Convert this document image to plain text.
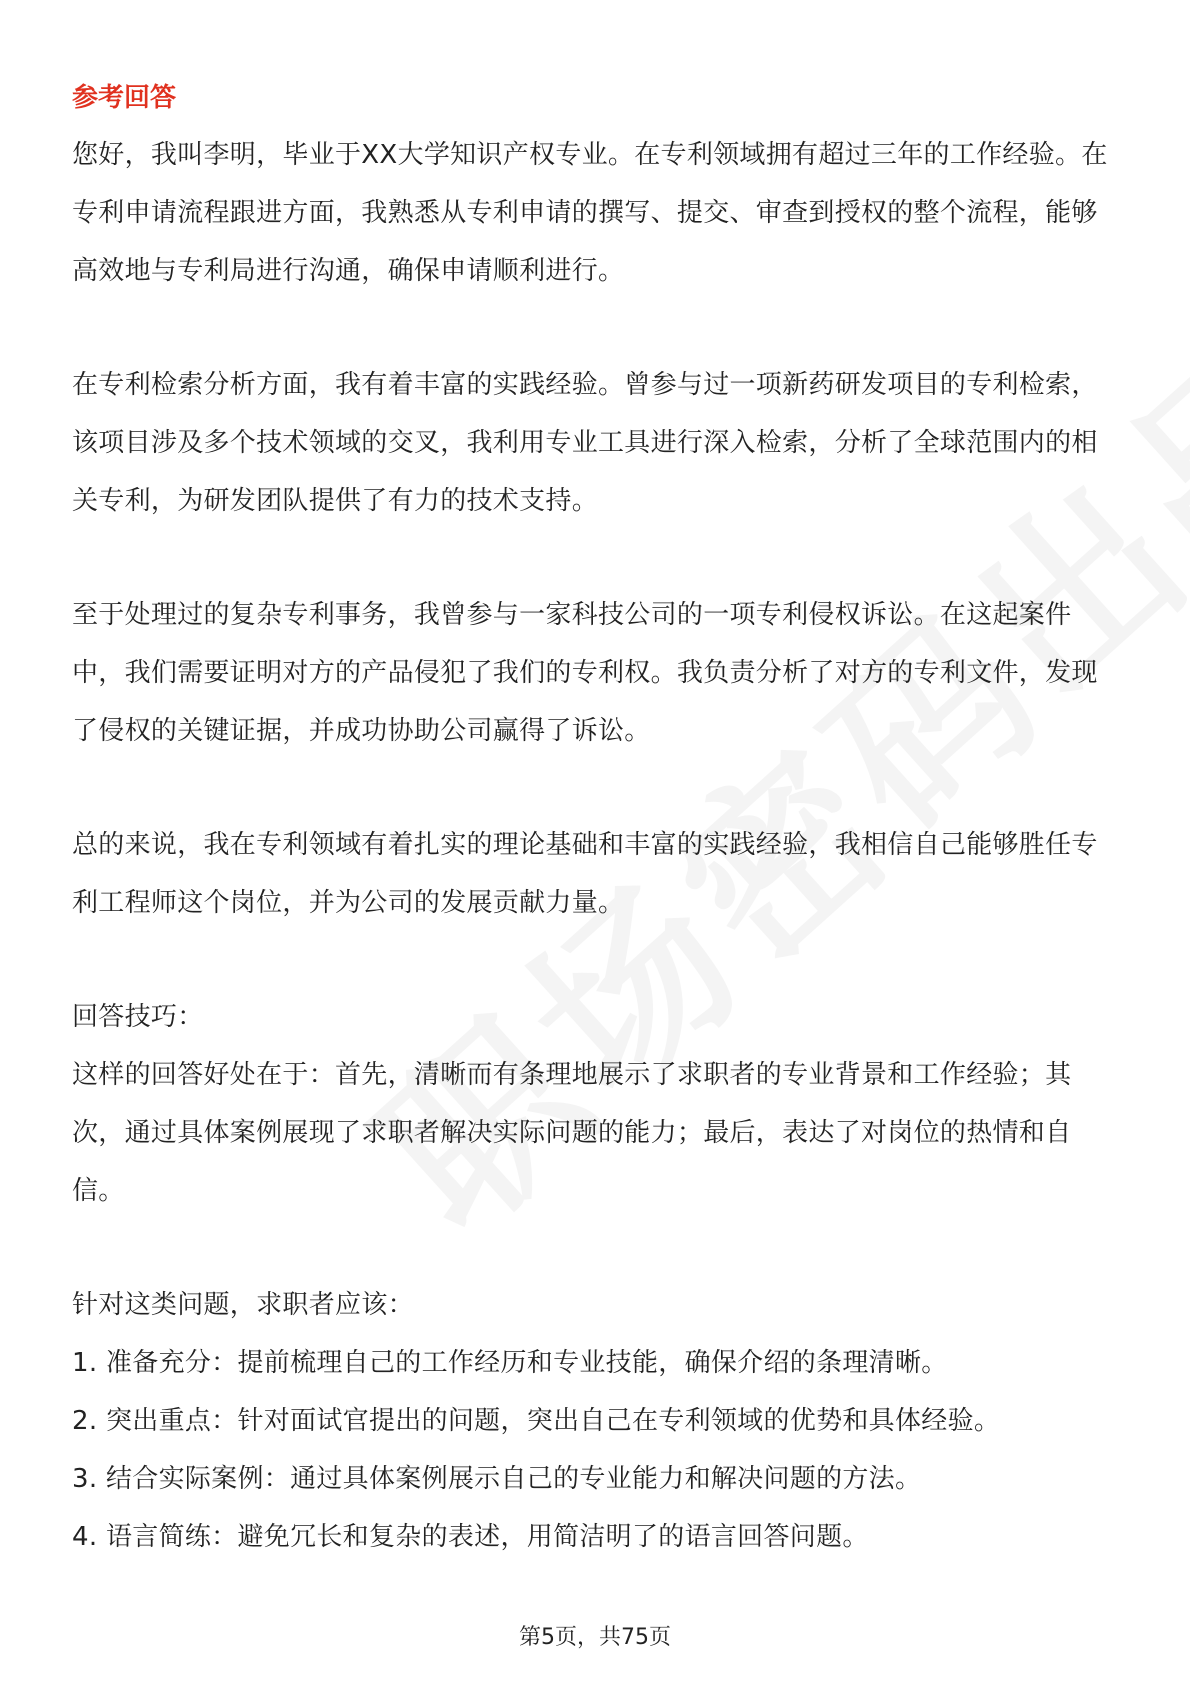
参考回答

您好，我叫李明，毕业于XX大学知识产权专业。在专利领域拥有超过三年的工作经验。在专利申请流程跟进方面，我熟悉从专利申请的撰写、提交、审查到授权的整个流程，能够高效地与专利局进行沟通，确保申请顺利进行。

在专利检索分析方面，我有着丰富的实践经验。曾参与过一项新药研发项目的专利检索，该项目涉及多个技术领域的交叉，我利用专业工具进行深入检索，分析了全球范围内的相关专利，为研发团队提供了有力的技术支持。

至于处理过的复杂专利事务，我曾参与一家科技公司的一项专利侵权诉讼。在这起案件中，我们需要证明对方的产品侵犯了我们的专利权。我负责分析了对方的专利文件，发现了侵权的关键证据，并成功协助公司赢得了诉讼。

总的来说，我在专利领域有着扎实的理论基础和丰富的实践经验，我相信自己能够胜任专利工程师这个岗位，并为公司的发展贡献力量。

回答技巧：

这样的回答好处在于：首先，清晰而有条理地展示了求职者的专业背景和工作经验；其次，通过具体案例展现了求职者解决实际问题的能力；最后，表达了对岗位的热情和自信。

针对这类问题，求职者应该：

1. 准备充分：提前梳理自己的工作经历和专业技能，确保介绍的条理清晰。

2. 突出重点：针对面试官提出的问题，突出自己在专利领域的优势和具体经验。

3. 结合实际案例：通过具体案例展示自己的专业能力和解决问题的方法。

4. 语言简练：避免冗长和复杂的表述，用简洁明了的语言回答问题。

第5页，共75页
